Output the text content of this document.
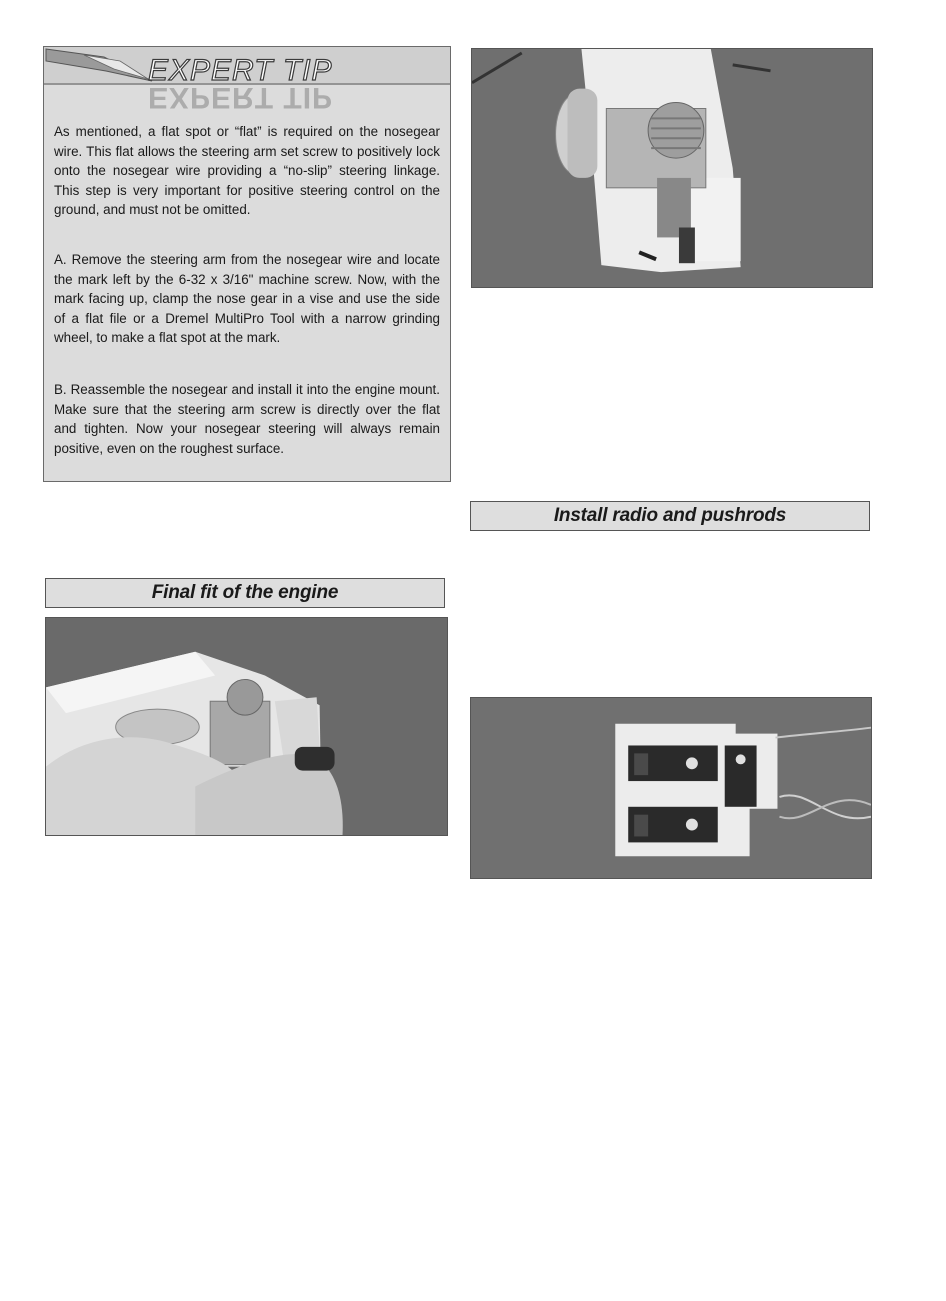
EXPERT TIP
EXPERT TIP

As mentioned, a flat spot or “flat” is required on the nosegear wire. This flat allows the steering arm set screw to positively lock onto the nosegear wire providing a “no-slip” steering linkage. This step is very important for positive steering control on the ground, and must not be omitted.

A. Remove the steering arm from the nosegear wire and locate the mark left by the 6-32 x 3/16" machine screw. Now, with the mark facing up, clamp the nose gear in a vise and use the side of a flat file or a Dremel MultiPro Tool with a narrow grinding wheel, to make a flat spot at the mark.

B. Reassemble the nosegear and install it into the engine mount. Make sure that the steering arm screw is directly over the flat and tighten. Now your nosegear steering will always remain positive, even on the roughest surface.

Install radio and pushrods
Final fit of the engine
